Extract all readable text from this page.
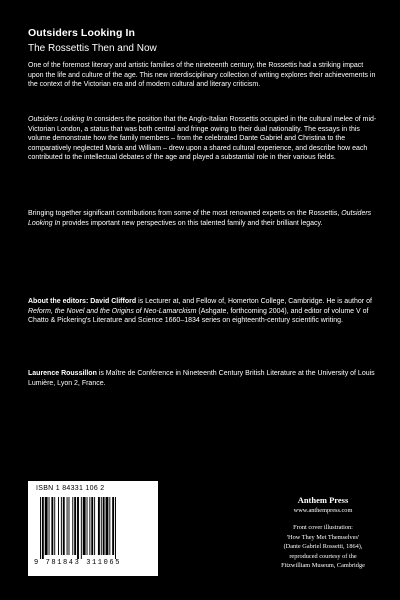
Outsiders Looking In
The Rossettis Then and Now

One of the foremost literary and artistic families of the nineteenth century, the Rossettis had a striking impact upon the life and culture of the age. This new interdisciplinary collection of writing explores their achievements in the context of the Victorian era and of modern cultural and literary criticism.

Outsiders Looking In considers the position that the Anglo-Italian Rossettis occupied in the cultural melee of mid-Victorian London, a status that was both central and fringe owing to their dual nationality. The essays in this volume demonstrate how the family members – from the celebrated Dante Gabriel and Christina to the comparatively neglected Maria and William – drew upon a shared cultural experience, and describe how each contributed to the intellectual debates of the age and played a substantial role in their various fields.

Bringing together significant contributions from some of the most renowned experts on the Rossettis, Outsiders Looking In provides important new perspectives on this talented family and their brilliant legacy.

About the editors: David Clifford is Lecturer at, and Fellow of, Homerton College, Cambridge. He is author of Reform, the Novel and the Origins of Neo-Lamarckism (Ashgate, forthcoming 2004), and editor of volume V of Chatto & Pickering's Literature and Science 1660–1834 series on eighteenth-century scientific writing.

Laurence Roussillon is Maître de Conférence in Nineteenth Century British Literature at the University of Louis Lumière, Lyon 2, France.

ISBN 1 84331 106 2
9 781843 311065
Anthem Press
www.anthempress.com
Front cover illustration:
'How They Met Themselves'
(Dante Gabriel Rossetti, 1864),
reproduced courtesy of the
Fitzwilliam Museum, Cambridge
